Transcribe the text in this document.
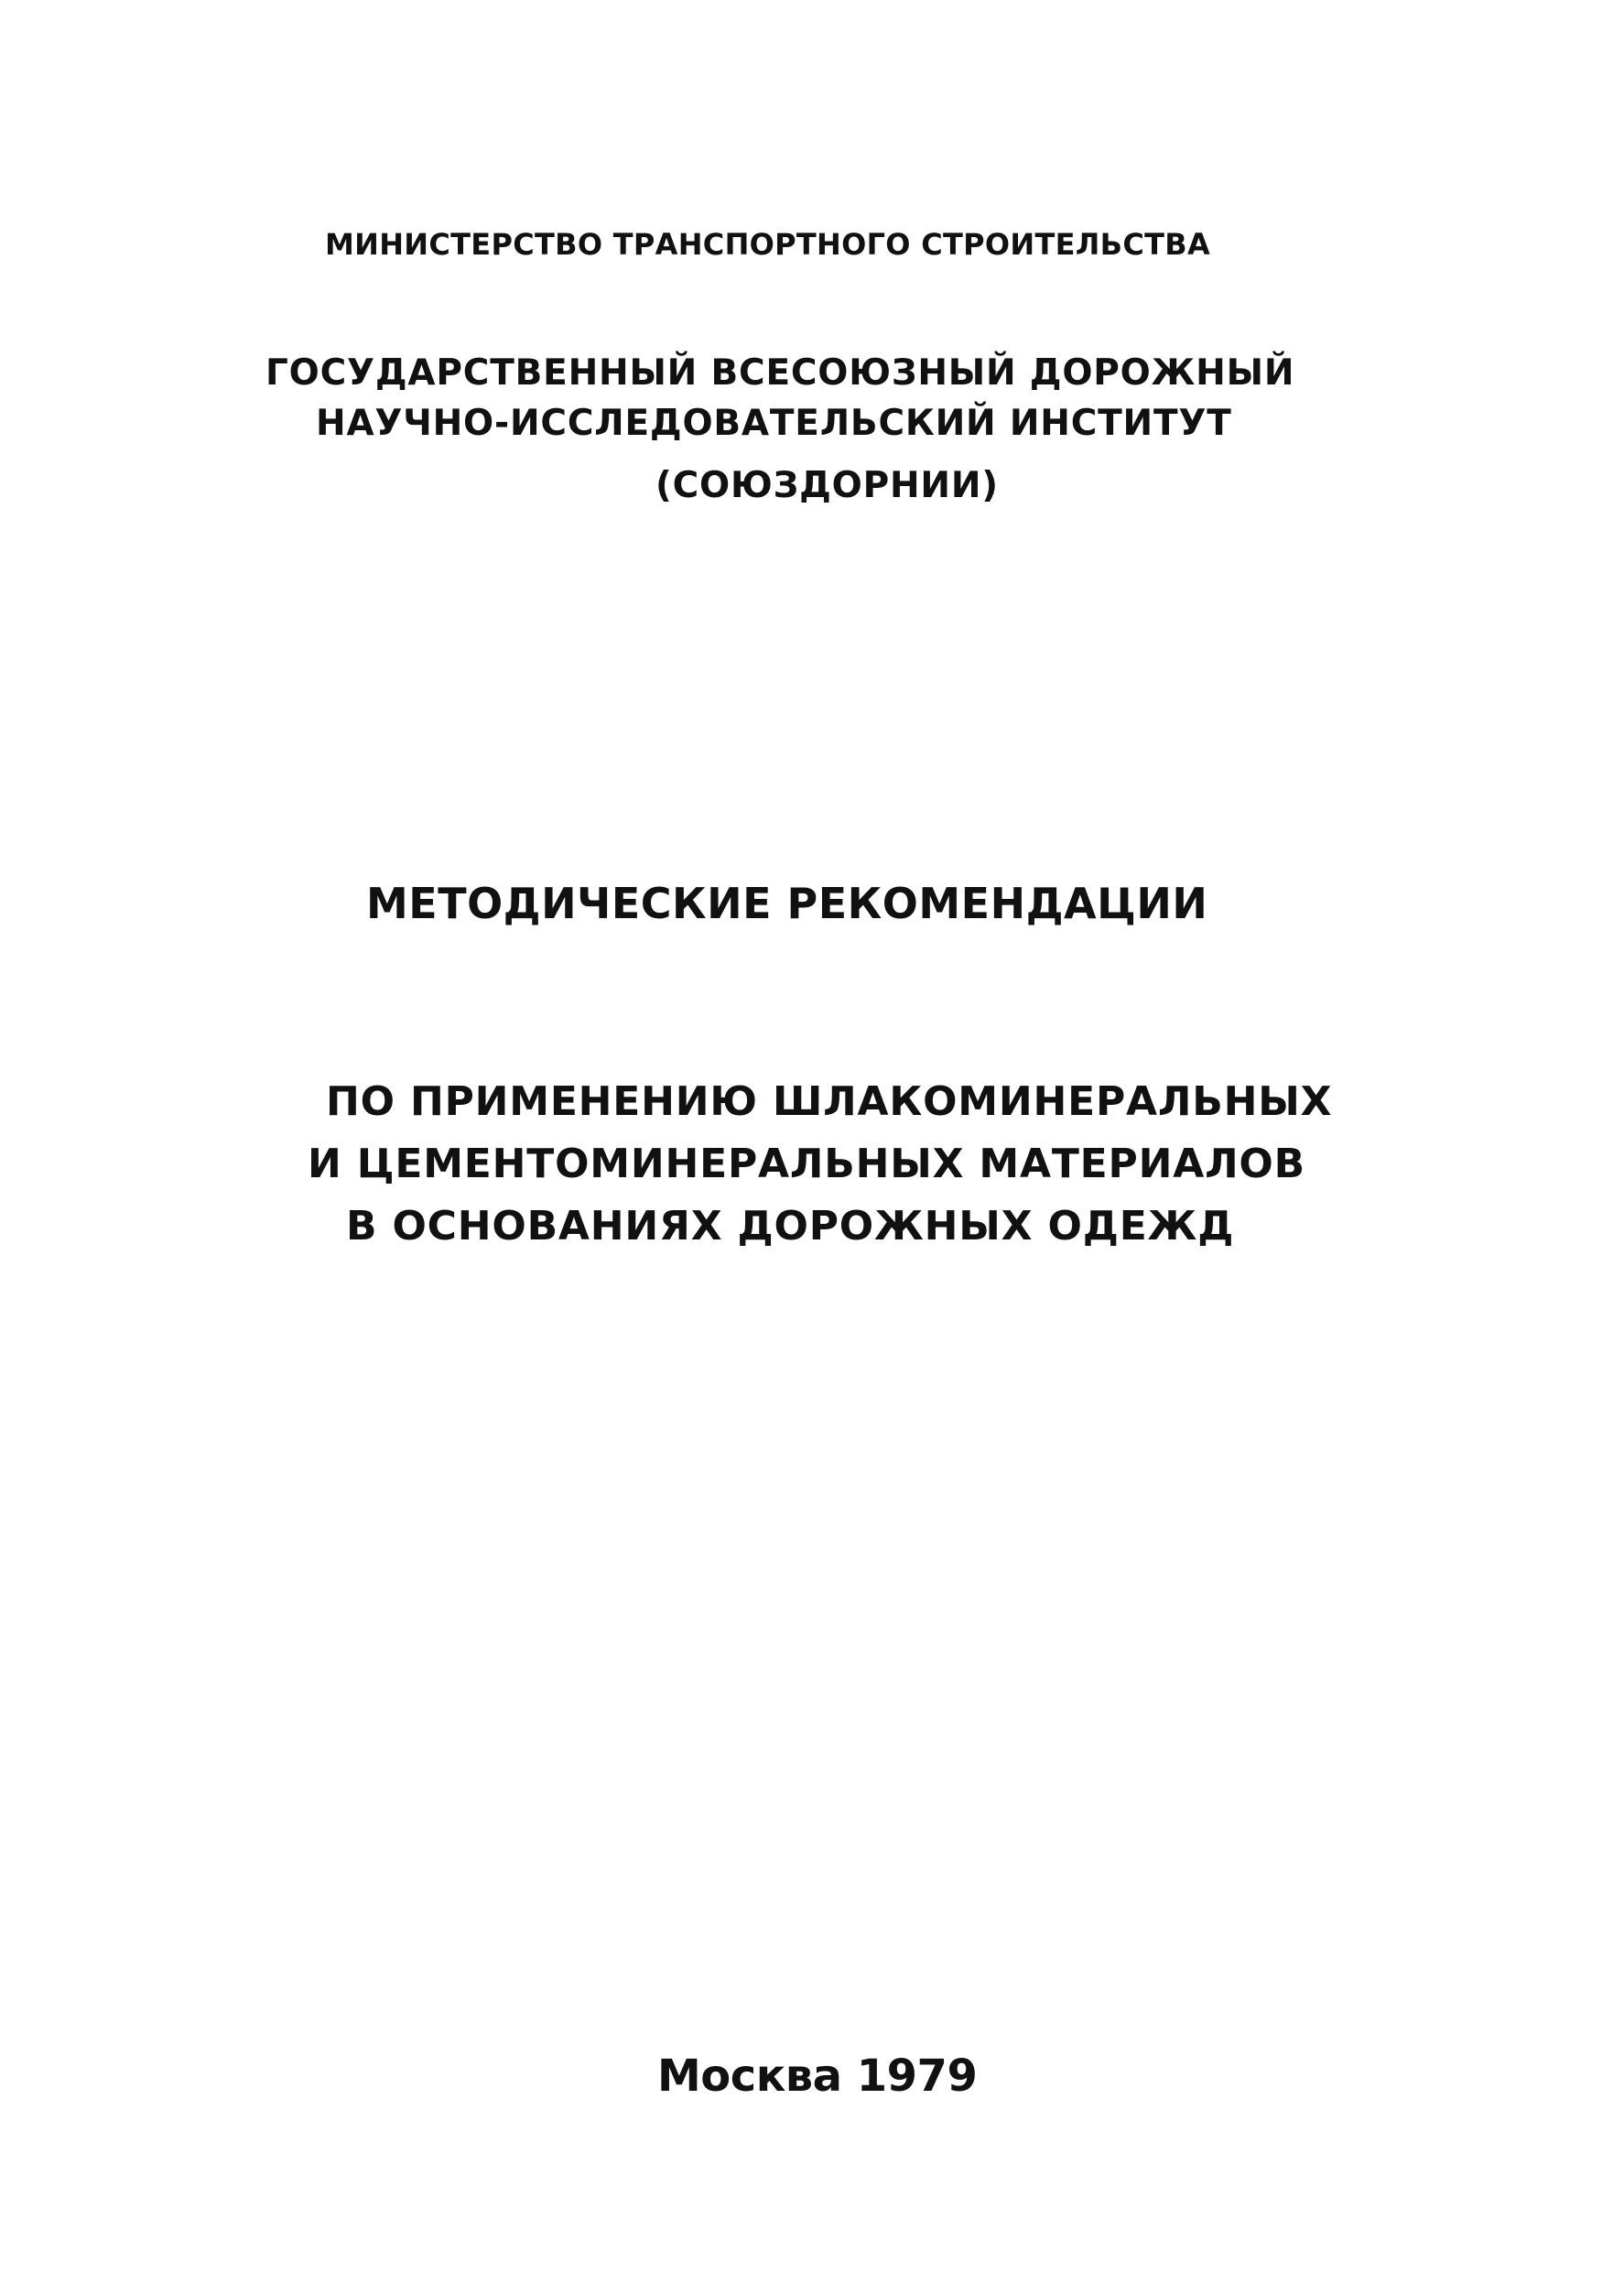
МИНИСТЕРСТВО ТРАНСПОРТНОГО СТРОИТЕЛЬСТВА
ГОСУДАРСТВЕННЫЙ ВСЕСОЮЗНЫЙ ДОРОЖНЫЙ
НАУЧНО-ИССЛЕДОВАТЕЛЬСКИЙ ИНСТИТУТ
(СОЮЗДОРНИИ)
МЕТОДИЧЕСКИЕ РЕКОМЕНДАЦИИ
ПО ПРИМЕНЕНИЮ ШЛАКОМИНЕРАЛЬНЫХ
И ЦЕМЕНТОМИНЕРАЛЬНЫХ МАТЕРИАЛОВ
В ОСНОВАНИЯХ ДОРОЖНЫХ ОДЕЖД
Москва 1979
